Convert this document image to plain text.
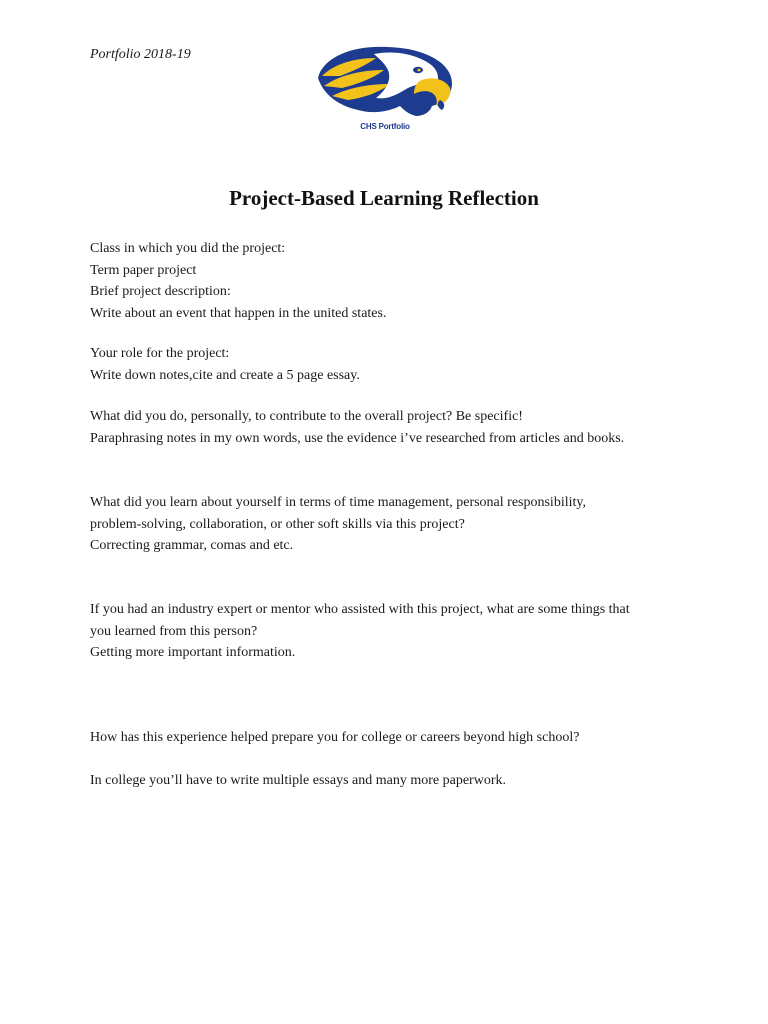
Portfolio 2018-19

CHS Portfolio
Project-Based Learning Reflection

Class in which you did the project:

Term paper project

Brief project description:

Write about an event that happen in the united states.

Your role for the project:

Write down notes,cite and create a 5 page essay.

What did you do, personally, to contribute to the overall project? Be specific!

Paraphrasing notes in my own words, use the evidence i’ve researched from articles and books.

What did you learn about yourself in terms of time management, personal responsibility,

problem-solving, collaboration, or other soft skills via this project?

Correcting grammar, comas and etc.

If you had an industry expert or mentor who assisted with this project, what are some things that

you learned from this person?

Getting more important information.

How has this experience helped prepare you for college or careers beyond high school?

In college you’ll have to write multiple essays and many more paperwork.
